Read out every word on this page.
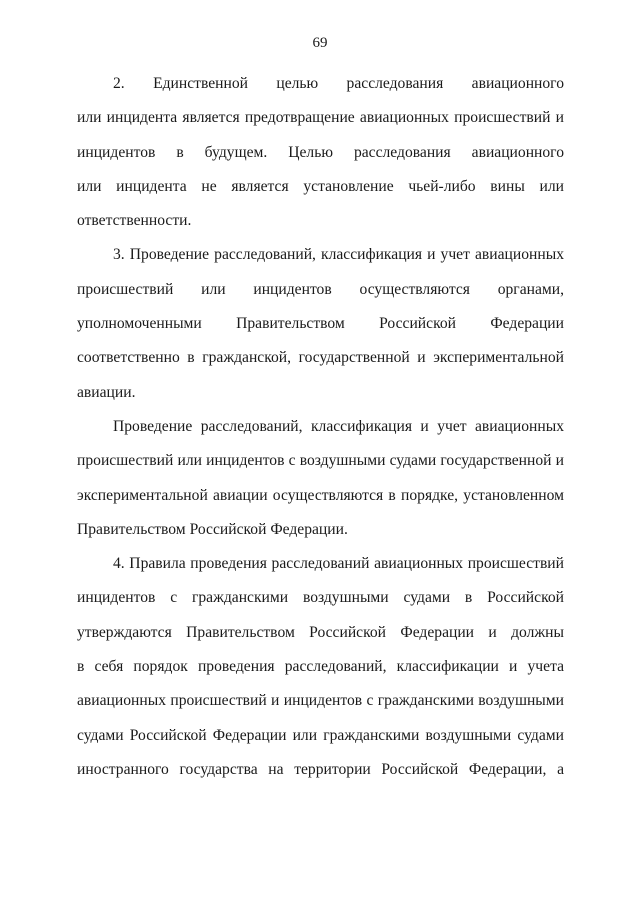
69
2. Единственной целью расследования авиационного
или инцидента является предотвращение авиационных происшествий и
инцидентов в будущем. Целью расследования авиационного
или инцидента не является установление чьей-либо вины или
ответственности.
3. Проведение расследований, классификация и учет авиационных
происшествий или инцидентов осуществляются органами,
уполномоченными Правительством Российской Федерации
соответственно в гражданской, государственной и экспериментальной
авиации.
Проведение расследований, классификация и учет авиационных
происшествий или инцидентов с воздушными судами государственной и
экспериментальной авиации осуществляются в порядке, установленном
Правительством Российской Федерации.
4. Правила проведения расследований авиационных происшествий
инцидентов с гражданскими воздушными судами в Российской
утверждаются Правительством Российской Федерации и должны
в себя порядок проведения расследований, классификации и учета
авиационных происшествий и инцидентов с гражданскими воздушными
судами Российской Федерации или гражданскими воздушными судами
иностранного государства на территории Российской Федерации, а
